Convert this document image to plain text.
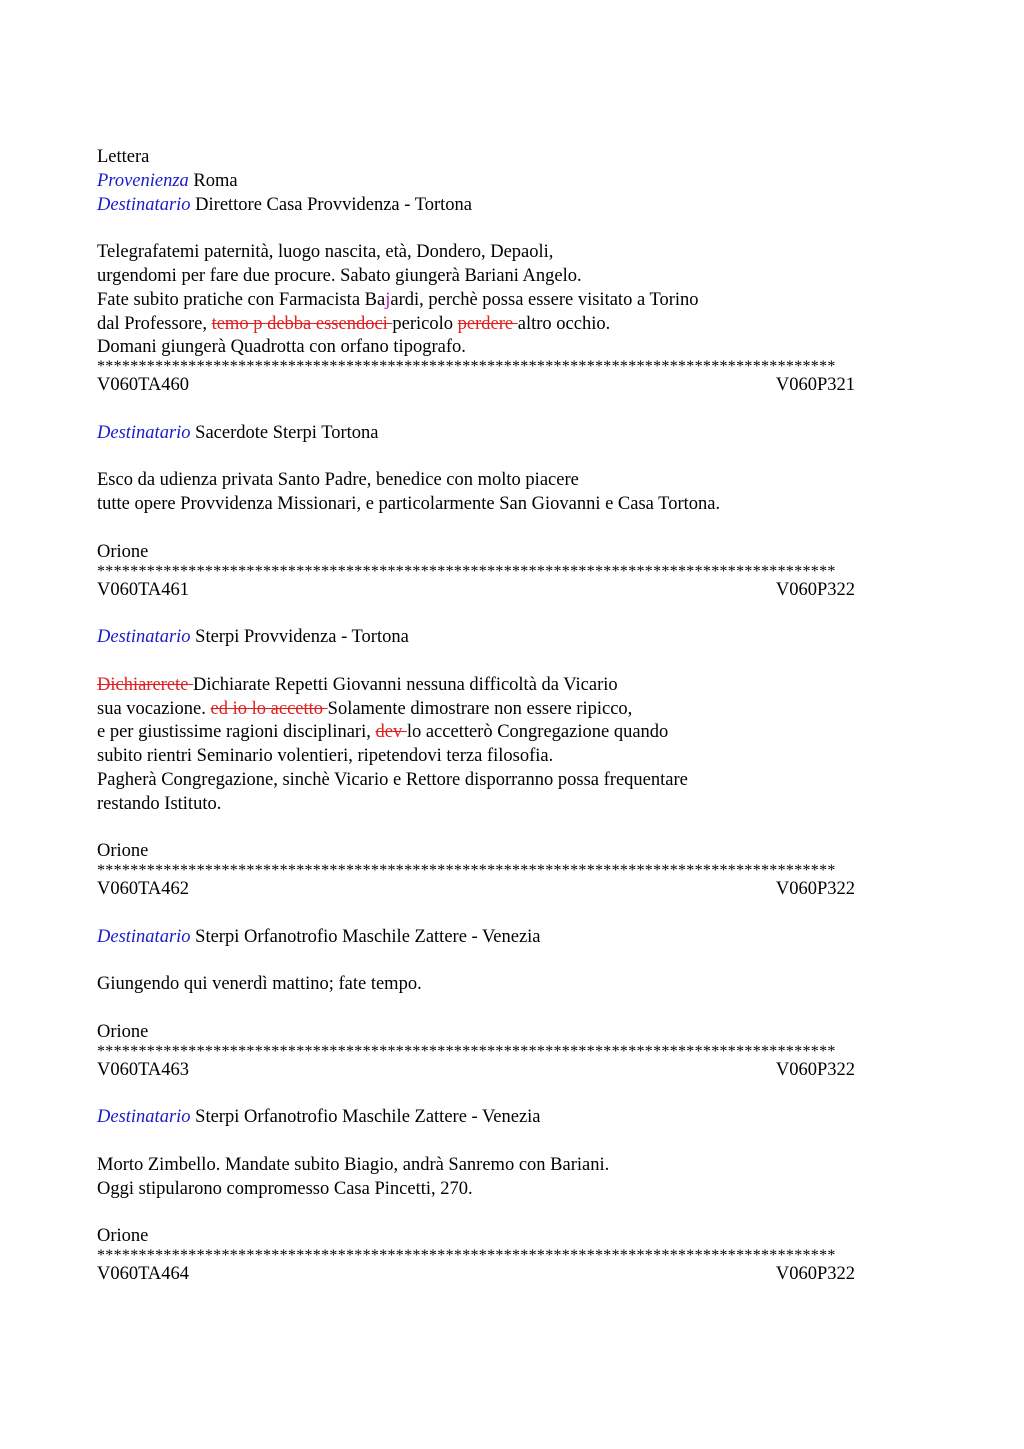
Lettera
Provenienza Roma
Destinatario Direttore Casa Provvidenza - Tortona
Telegrafatemi paternità, luogo nascita, età, Dondero, Depaoli,
urgendomi per fare due procure. Sabato giungerà Bariani Angelo.
Fate subito pratiche con Farmacista Bajardi, perchè possa essere visitato a Torino
dal Professore, temo p debba essendoci pericolo perdere altro occhio.
Domani giungerà Quadrotta con orfano tipografo.
*****************************************************************************************
V060TA460	V060P321
Destinatario Sacerdote Sterpi Tortona
Esco da udienza privata Santo Padre, benedice con molto piacere
tutte opere Provvidenza Missionari, e particolarmente San Giovanni e Casa Tortona.
Orione
*****************************************************************************************
V060TA461	V060P322
Destinatario Sterpi Provvidenza - Tortona
Dichiarerete Dichiarate Repetti Giovanni nessuna difficoltà da Vicario
sua vocazione. ed io lo accetto Solamente dimostrare non essere ripicco,
e per giustissime ragioni disciplinari, dev lo accetterò Congregazione quando
subito rientri Seminario volentieri, ripetendovi terza filosofia.
Pagherà Congregazione, sinchè Vicario e Rettore disporranno possa frequentare
restando Istituto.
Orione
*****************************************************************************************
V060TA462	V060P322
Destinatario Sterpi Orfanotrofio Maschile Zattere - Venezia
Giungendo qui venerdì mattino; fate tempo.
Orione
*****************************************************************************************
V060TA463	V060P322
Destinatario Sterpi Orfanotrofio Maschile Zattere - Venezia
Morto Zimbello. Mandate subito Biagio, andrà Sanremo con Bariani.
Oggi stipularono compromesso Casa Pincetti, 270.
Orione
*****************************************************************************************
V060TA464	V060P322
